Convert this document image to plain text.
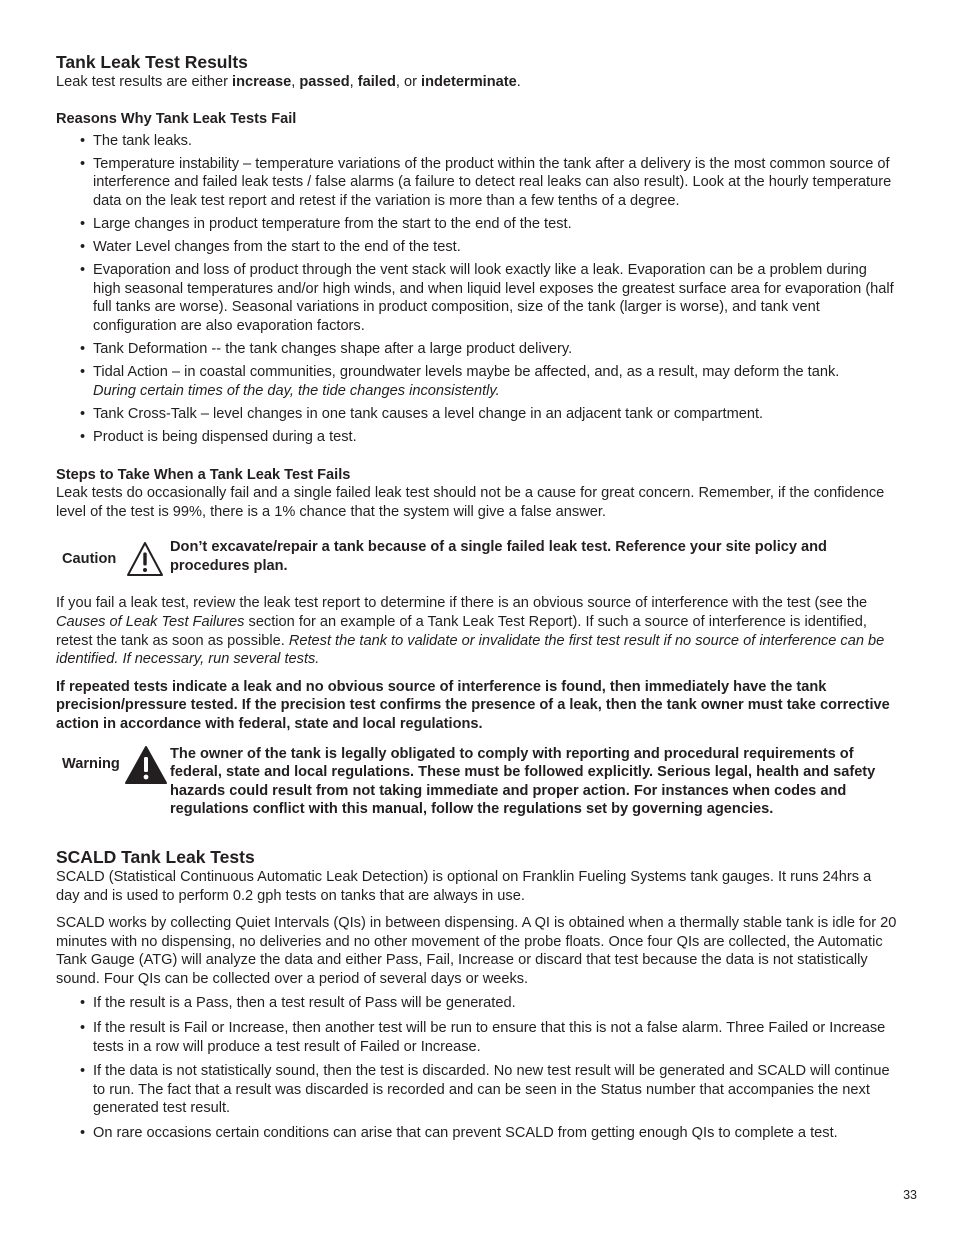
Tank Leak Test Results

Leak test results are either increase, passed, failed, or indeterminate.

Reasons Why Tank Leak Tests Fail
• The tank leaks.
• Temperature instability – temperature variations of the product within the tank after a delivery is the most common source of interference and failed leak tests / false alarms (a failure to detect real leaks can also result). Look at the hourly temperature data on the leak test report and retest if the variation is more than a few tenths of a degree.
• Large changes in product temperature from the start to the end of the test.
• Water Level changes from the start to the end of the test.
• Evaporation and loss of product through the vent stack will look exactly like a leak. Evaporation can be a problem during high seasonal temperatures and/or high winds, and when liquid level exposes the greatest surface area for evaporation (half full tanks are worse). Seasonal variations in product composition, size of the tank (larger is worse), and tank vent configuration are also evaporation factors.
• Tank Deformation -- the tank changes shape after a large product delivery.
• Tidal Action – in coastal communities, groundwater levels maybe be affected, and, as a result, may deform the tank.
During certain times of the day, the tide changes inconsistently.
• Tank Cross-Talk – level changes in one tank causes a level change in an adjacent tank or compartment.
• Product is being dispensed during a test.
Steps to Take When a Tank Leak Test Fails

Leak tests do occasionally fail and a single failed leak test should not be a cause for great concern. Remember, if the confidence level of the test is 99%, there is a 1% chance that the system will give a false answer.

Caution
Don’t excavate/repair a tank because of a single failed leak test. Reference your site policy and procedures plan.

If you fail a leak test, review the leak test report to determine if there is an obvious source of interference with the test (see the Causes of Leak Test Failures section for an example of a Tank Leak Test Report). If such a source of interference is identified, retest the tank as soon as possible. Retest the tank to validate or invalidate the first test result if no source of interference can be identified. If necessary, run several tests.

If repeated tests indicate a leak and no obvious source of interference is found, then immediately have the tank precision/pressure tested. If the precision test confirms the presence of a leak, then the tank owner must take corrective action in accordance with federal, state and local regulations.

Warning
The owner of the tank is legally obligated to comply with reporting and procedural requirements of federal, state and local regulations. These must be followed explicitly. Serious legal, health and safety hazards could result from not taking immediate and proper action. For instances when codes and regulations conflict with this manual, follow the regulations set by governing agencies.
SCALD Tank Leak Tests

SCALD (Statistical Continuous Automatic Leak Detection) is optional on Franklin Fueling Systems tank gauges. It runs 24hrs a day and is used to perform 0.2 gph tests on tanks that are always in use.

SCALD works by collecting Quiet Intervals (QIs) in between dispensing. A QI is obtained when a thermally stable tank is idle for 20 minutes with no dispensing, no deliveries and no other movement of the probe floats. Once four QIs are collected, the Automatic Tank Gauge (ATG) will analyze the data and either Pass, Fail, Increase or discard that test because the data is not statistically sound. Four QIs can be collected over a period of several days or weeks.

• If the result is a Pass, then a test result of Pass will be generated.
• If the result is Fail or Increase, then another test will be run to ensure that this is not a false alarm. Three Failed or Increase tests in a row will produce a test result of Failed or Increase.
• If the data is not statistically sound, then the test is discarded. No new test result will be generated and SCALD will continue to run. The fact that a result was discarded is recorded and can be seen in the Status number that accompanies the next generated test result.
• On rare occasions certain conditions can arise that can prevent SCALD from getting enough QIs to complete a test.
33
